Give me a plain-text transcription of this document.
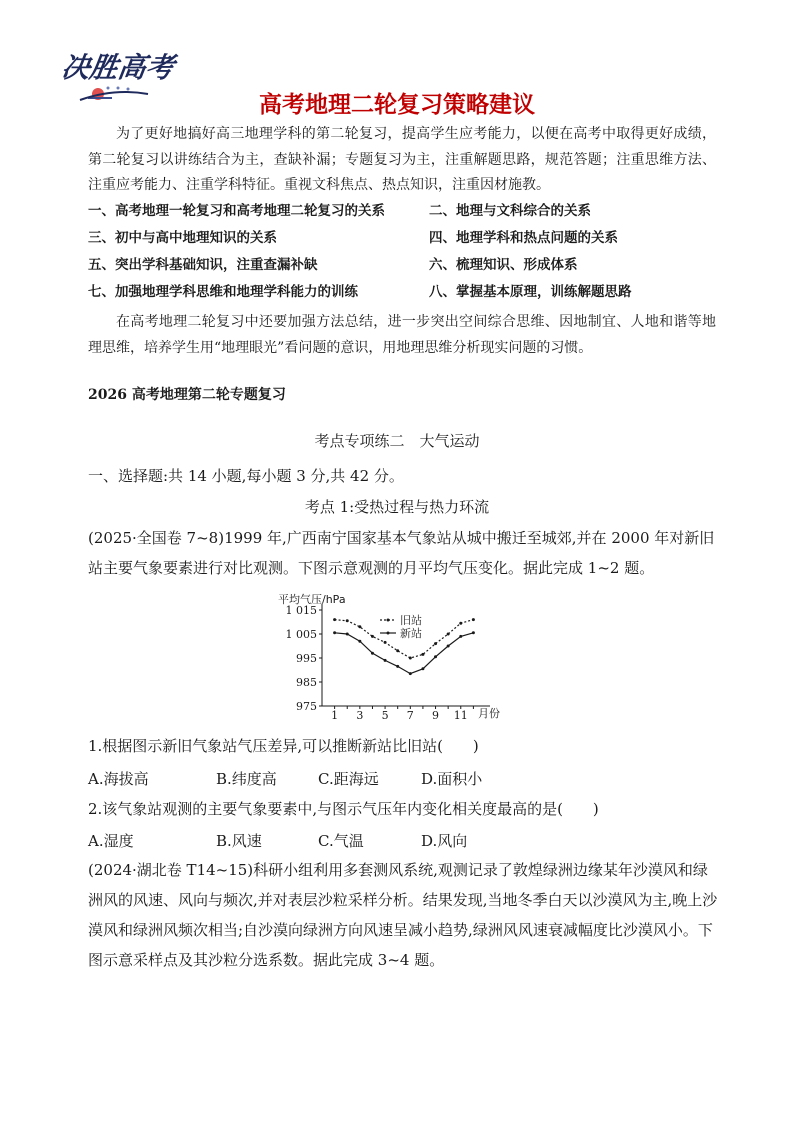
决胜高考
高考地理二轮复习策略建议
为了更好地搞好高三地理学科的第二轮复习，提高学生应考能力，以便在高考中取得更好成绩，第二轮复习以讲练结合为主，查缺补漏；专题复习为主，注重解题思路，规范答题；注重思维方法、注重应考能力、注重学科特征。重视文科焦点、热点知识，注重因材施教。
一、高考地理一轮复习和高考地理二轮复习的关系	二、地理与文科综合的关系
三、初中与高中地理知识的关系	四、地理学科和热点问题的关系
五、突出学科基础知识，注重查漏补缺	六、梳理知识、形成体系
七、加强地理学科思维和地理学科能力的训练	八、掌握基本原理，训练解题思路
在高考地理二轮复习中还要加强方法总结，进一步突出空间综合思维、因地制宜、人地和谐等地理思维，培养学生用“地理眼光”看问题的意识，用地理思维分析现实问题的习惯。
2026 高考地理第二轮专题复习
考点专项练二　大气运动
一、选择题:共 14 小题,每小题 3 分,共 42 分。
考点 1:受热过程与热力环流
(2025·全国卷 7~8)1999 年,广西南宁国家基本气象站从城中搬迁至城郊,并在 2000 年对新旧站主要气象要素进行对比观测。下图示意观测的月平均气压变化。据此完成 1~2 题。
平均气压/hPa
1 015
1 005
995
985
975
1 3 5 7 9 11
旧站
新站
月份
1.根据图示新旧气象站气压差异,可以推断新站比旧站(　　)
A.海拔高	B.纬度高	C.距海远	D.面积小
2.该气象站观测的主要气象要素中,与图示气压年内变化相关度最高的是(　　)
A.湿度	B.风速	C.气温	D.风向
(2024·湖北卷 T14~15)科研小组利用多套测风系统,观测记录了敦煌绿洲边缘某年沙漠风和绿洲风的风速、风向与频次,并对表层沙粒采样分析。结果发现,当地冬季白天以沙漠风为主,晚上沙漠风和绿洲风频次相当;自沙漠向绿洲方向风速呈减小趋势,绿洲风风速衰减幅度比沙漠风小。下图示意采样点及其沙粒分选系数。据此完成 3~4 题。
